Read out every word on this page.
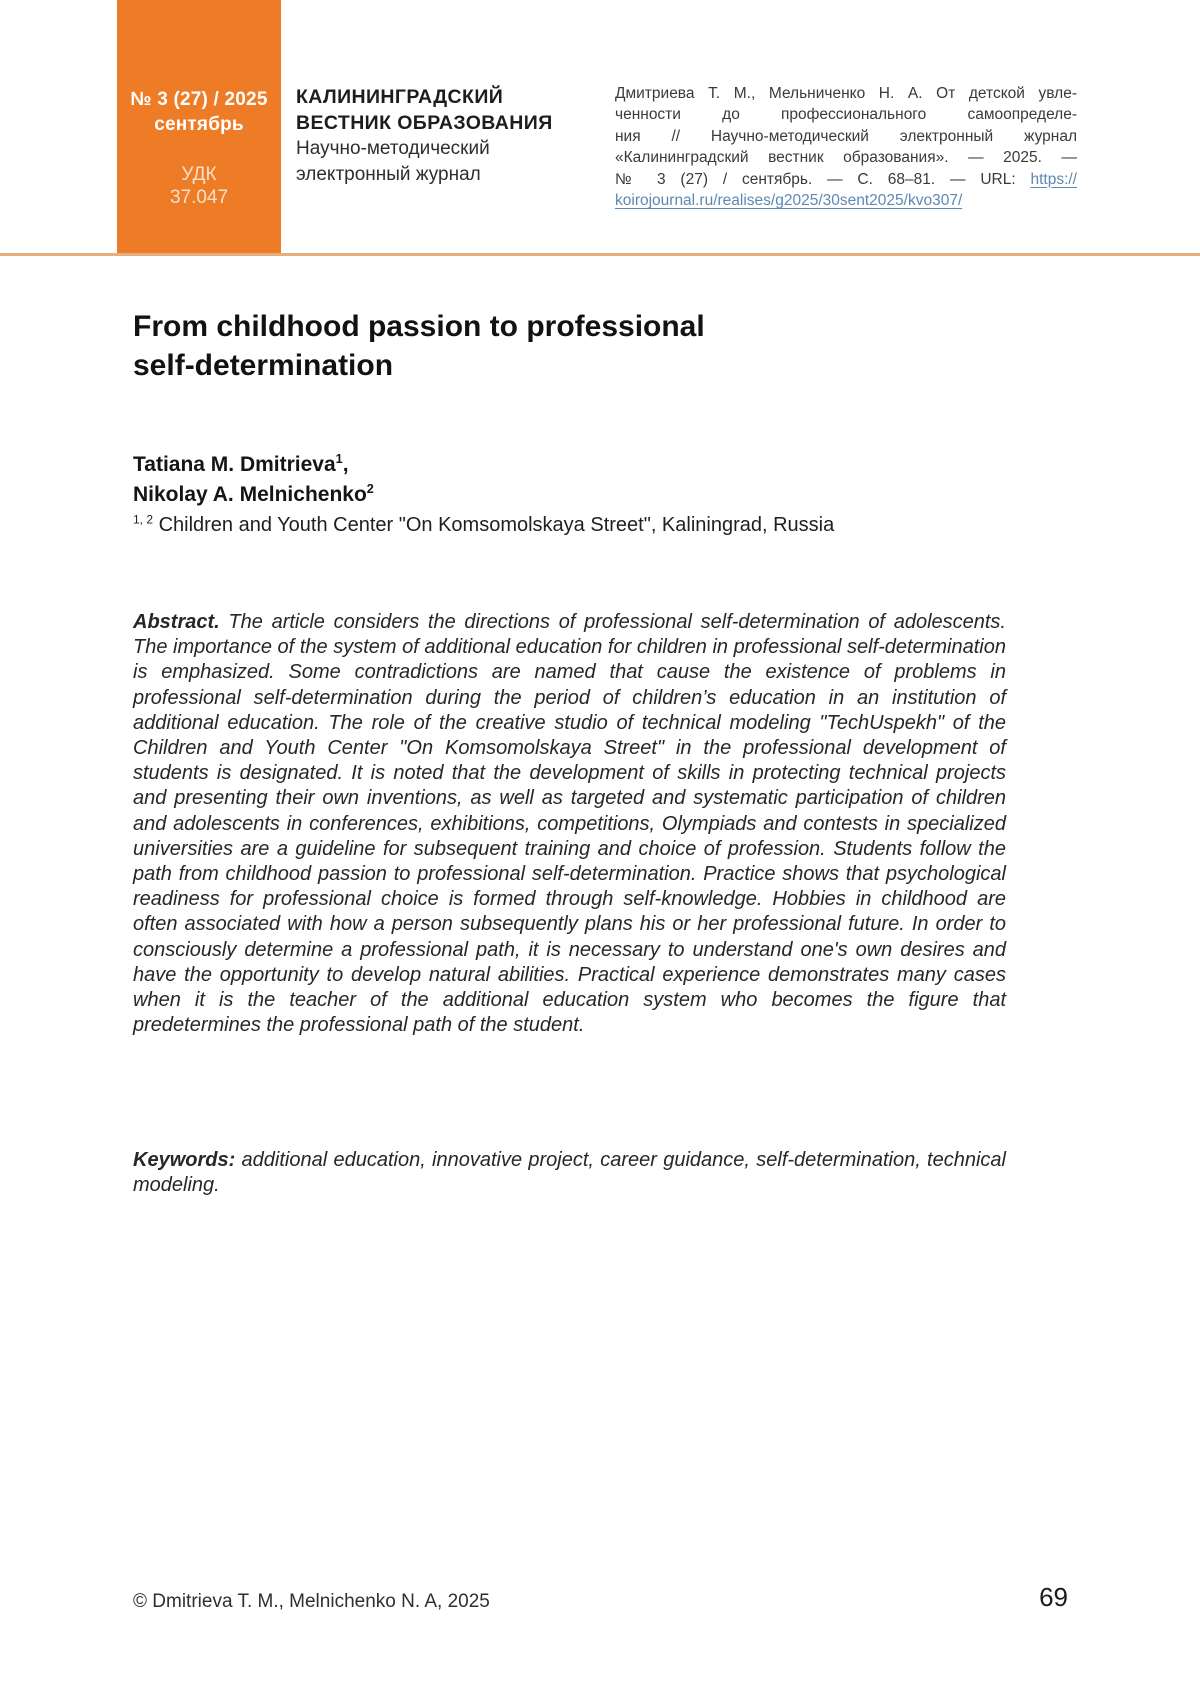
№ 3 (27) / 2025
сентябрь
УДК
37.047
КАЛИНИНГРАДСКИЙ
ВЕСТНИК ОБРАЗОВАНИЯ
Научно-методический
электронный журнал
Дмитриева Т. М., Мельниченко Н. А. От детской увле-
ченности до профессионального самоопределе-
ния // Научно-методический электронный журнал
«Калининградский вестник образования». — 2025. —
№ 3 (27) / сентябрь. — С. 68–81. — URL: https://
koirojournal.ru/realises/g2025/30sent2025/kvo307/
From childhood passion to professional
self-determination
Tatiana M. Dmitrieva$^1$,
Nikolay A. Melnichenko$^2$
$^{1, 2}$ Children and Youth Center "On Komsomolskaya Street", Kaliningrad, Russia

Abstract. The article considers the directions of professional self-determination of adolescents. The importance of the system of additional education for children in professional self-determination is emphasized. Some contradictions are named that cause the existence of problems in professional self-determination during the period of children’s education in an institution of additional education. The role of the creative studio of technical modeling "TechUspekh" of the Children and Youth Center "On Komsomolskaya Street" in the professional development of students is designated. It is noted that the development of skills in protecting technical projects and presenting their own inventions, as well as targeted and systematic participation of children and adolescents in conferences, exhibitions, competitions, Olympiads and contests in specialized universities are a guideline for subsequent training and choice of profession. Students follow the path from childhood passion to professional self-determination. Practice shows that psychological readiness for professional choice is formed through self-knowledge. Hobbies in childhood are often associated with how a person subsequently plans his or her professional future. In order to consciously determine a professional path, it is necessary to understand one's own desires and have the opportunity to develop natural abilities. Practical experience demonstrates many cases when it is the teacher of the additional education system who becomes the figure that predetermines the professional path of the student.

Keywords: additional education, innovative project, career guidance, self-determination, technical modeling.

© Dmitrieva T. M., Melnichenko N. A, 2025	69
